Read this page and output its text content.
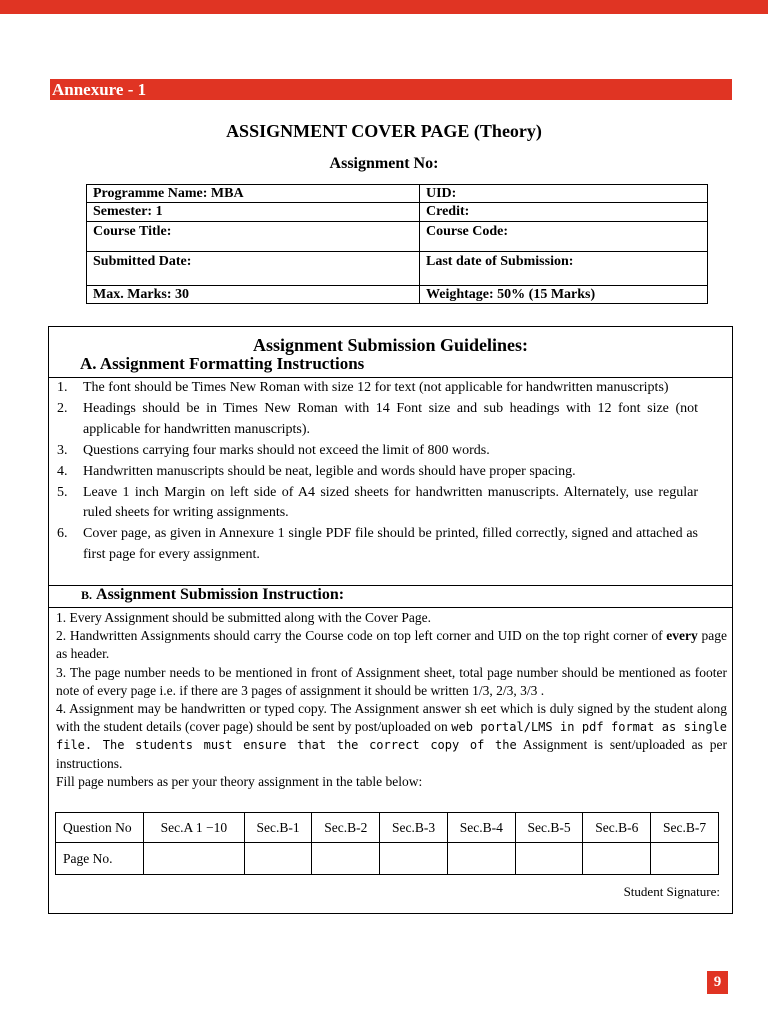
Annexure - 1
ASSIGNMENT COVER PAGE (Theory)
Assignment No:
Programme Name: MBA	UID:
Semester: 1	Credit:
Course Title:	Course Code:
Submitted Date:	Last date of Submission:
Max. Marks: 30	Weightage: 50% (15 Marks)
Assignment Submission Guidelines:
A. Assignment Formatting Instructions
1.	The font should be Times New Roman with size 12 for text (not applicable for handwritten manuscripts)
2.	Headings should be in Times New Roman with 14 Font size and sub headings with 12 font size (not applicable for handwritten manuscripts).
3.	Questions carrying four marks should not exceed the limit of 800 words.
4.	Handwritten manuscripts should be neat, legible and words should have proper spacing.
5.	Leave 1 inch Margin on left side of A4 sized sheets for handwritten manuscripts. Alternately, use regular ruled sheets for writing assignments.
6.	Cover page, as given in Annexure 1 single PDF file should be printed, filled correctly, signed and attached as first page for every assignment.
B. Assignment Submission Instruction:

1. Every Assignment should be submitted along with the Cover Page.

2. Handwritten Assignments should carry the Course code on top left corner and UID on the top right corner of every page as header.

3. The page number needs to be mentioned in front of Assignment sheet, total page number should be mentioned as footer note of every page i.e. if there are 3 pages of assignment it should be written 1/3, 2/3, 3/3 .

4. Assignment may be handwritten or typed copy. The Assignment answer sh eet which is duly signed by the student along with the student details (cover page) should be sent by post/uploaded on web portal/LMS in pdf format as single file. The students must ensure that the correct copy of the Assignment is sent/uploaded as per instructions.

Fill page numbers as per your theory assignment in the table below:

Question No	Sec.A 1 −10	Sec.B-1	Sec.B-2	Sec.B-3	Sec.B-4	Sec.B-5	Sec.B-6	Sec.B-7
Page No.								
Student Signature:
9
